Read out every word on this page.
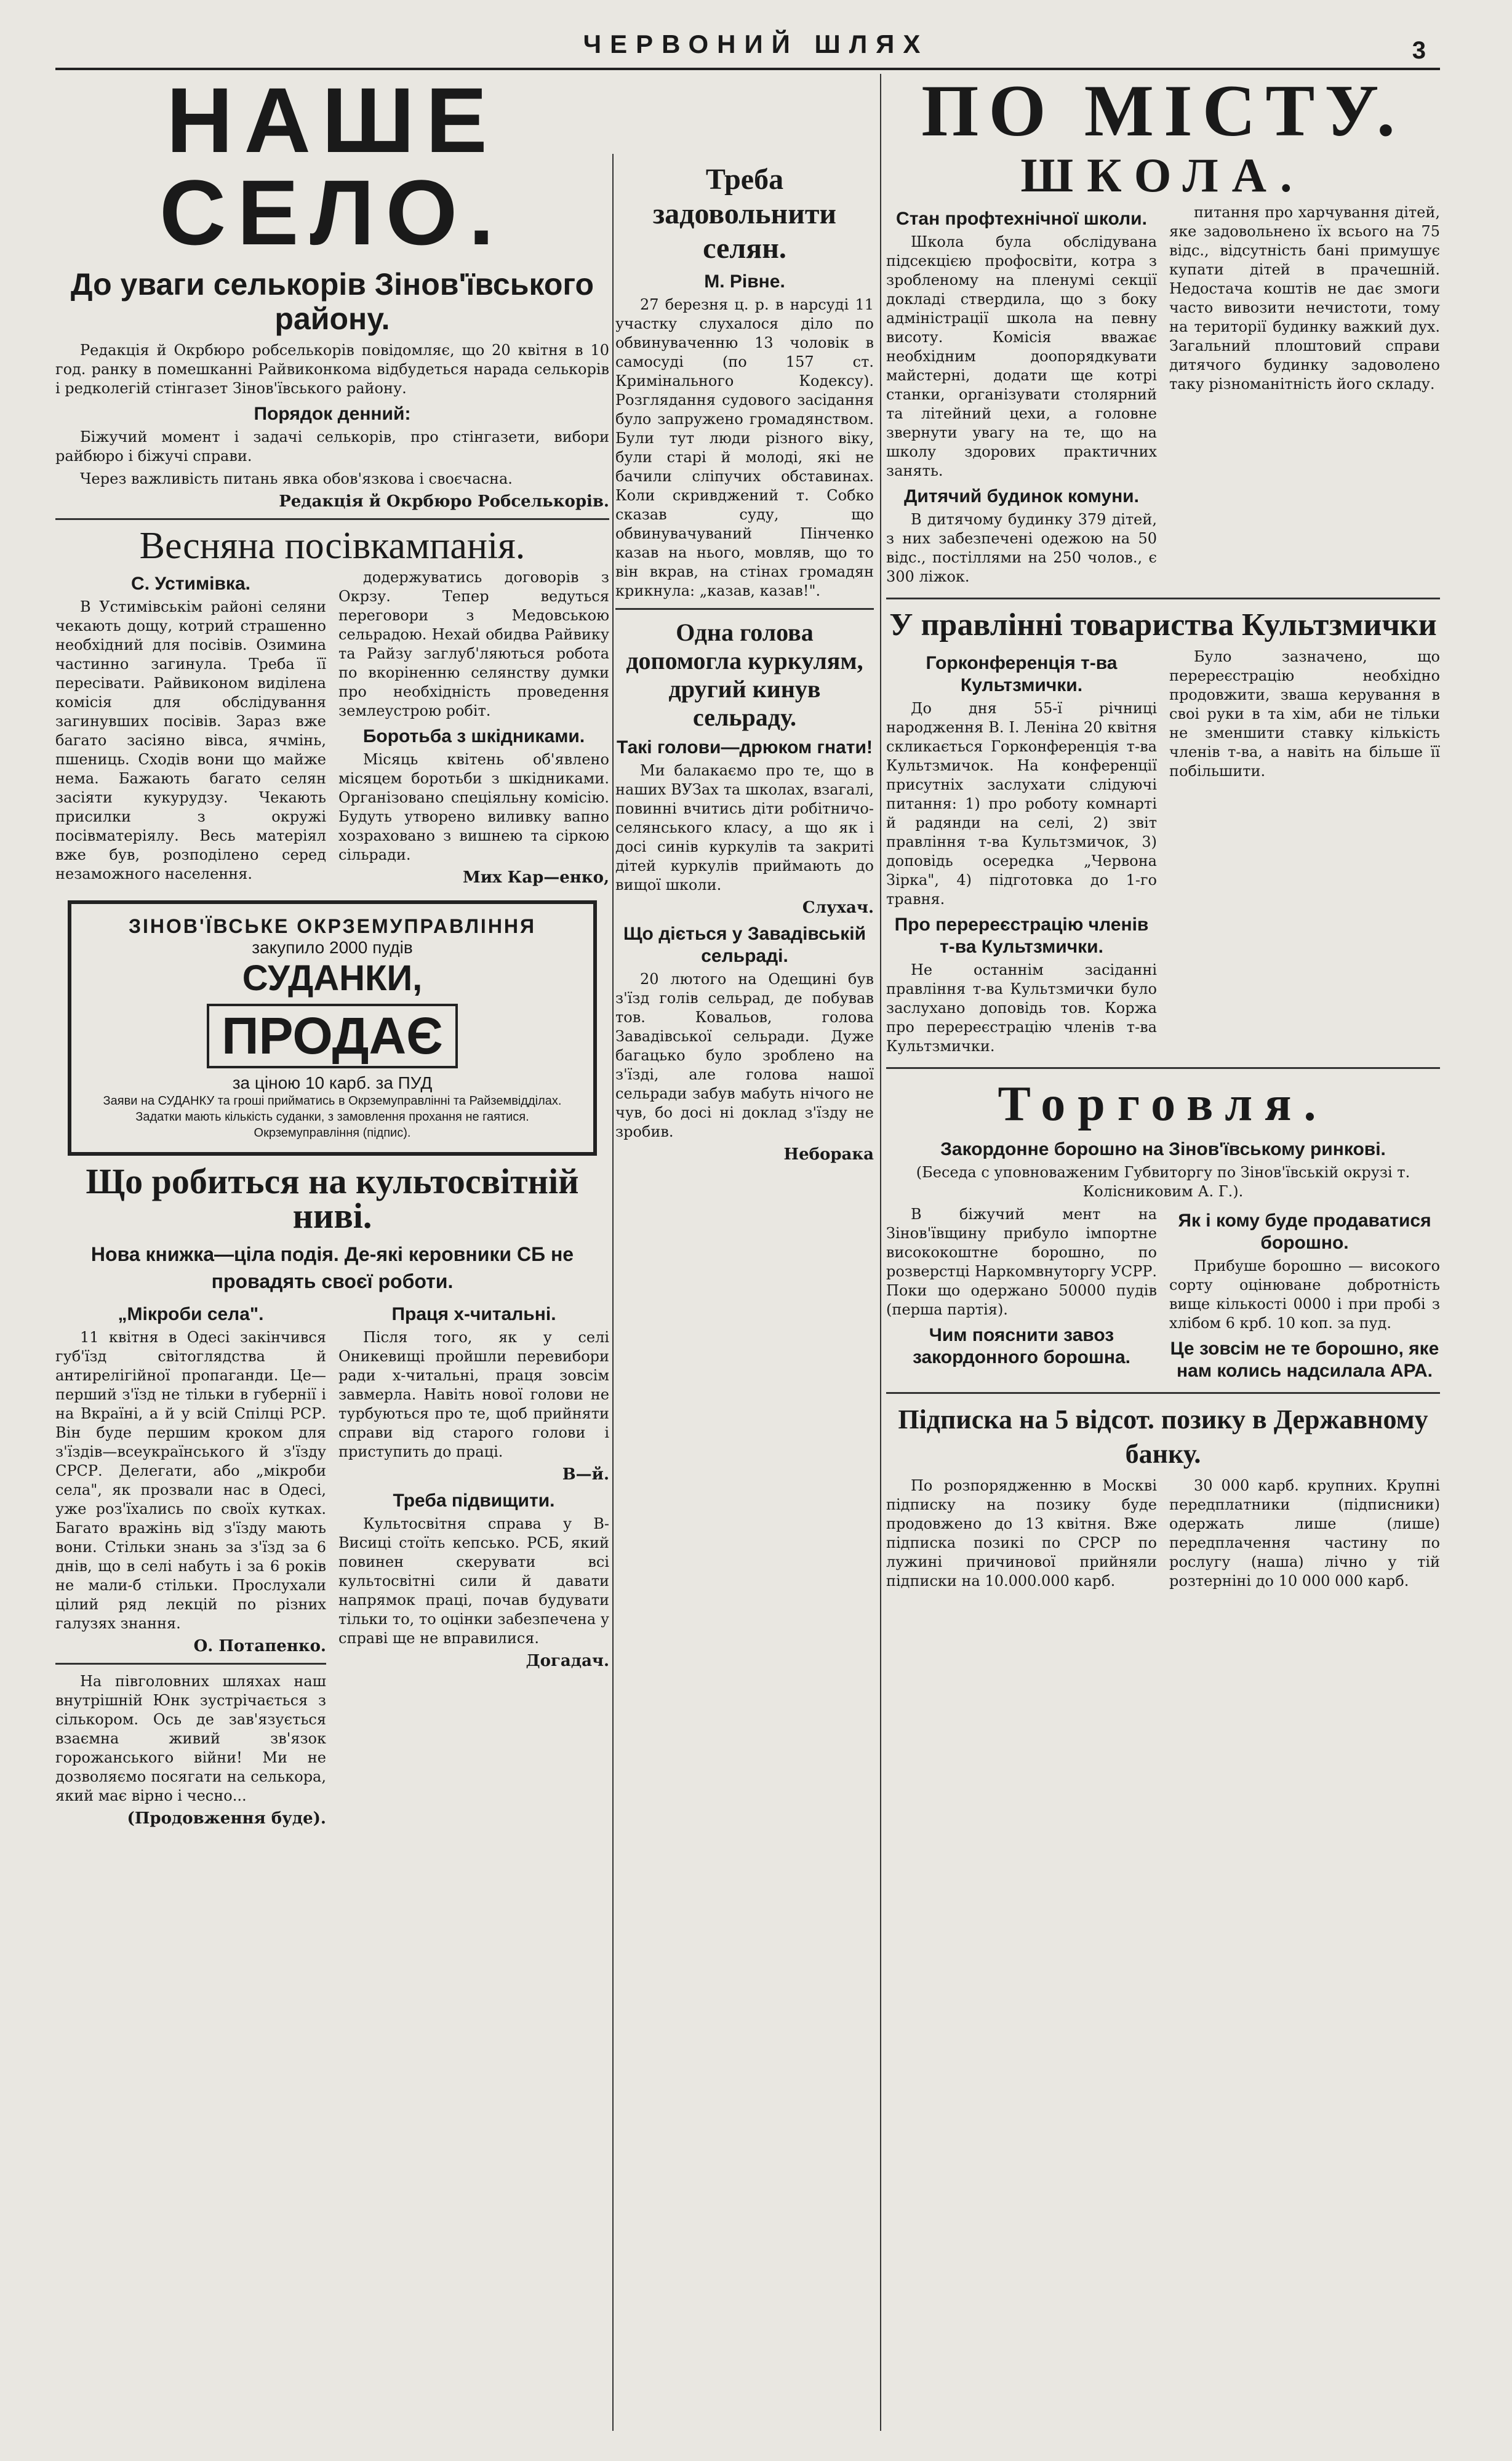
ЧЕРВОНИЙ ШЛЯХ	3
НАШЕ СЕЛО.
До уваги селькорів Зінов'ївського району.

Редакція й Окрбюро робселькорів повідомляє, що 20 квітня в 10 год. ранку в помешканні Райвиконкома відбудеться нарада селькорів і редколегій стінгазет Зінов'ївського району.

Порядок денний:

Біжучий момент і задачі селькорів, про стінгазети, вибори райбюро і біжучі справи.

Через важливість питань явка обов'язкова і своєчасна.

Редакція й Окрбюро Робселькорів.
Весняна посівкампанія.
С. Устимівка.

В Устимівськім районі селяни чекають дощу, котрий страшенно необхідний для посівів. Озимина частинно загинула. Треба її пересівати. Райвиконом виділена комісія для обслідування загинувших посівів. Зараз вже багато засіяно вівса, ячмінь, пшениць. Сходів вони що майже нема. Бажають багато селян засіяти кукурудзу. Чекають присилки з окружі посівматеріялу. Весь матеріял вже був, розподілено серед незаможного населення.

додержуватись договорів з Окрзу. Тепер ведуться переговори з Медовською сельрадою. Нехай обидва Райвику та Райзу заглуб'ляються робота по вкоріненню селянству думки про необхідність проведення землеустрою робіт.

Боротьба з шкідниками.

Місяць квітень об'явлено місяцем боротьби з шкідниками. Організовано спеціяльну комісію. Будуть утворено виливку вапно хозраховано з вишнею та сіркою сільради.

Мих Кар—енко,
ЗІНОВ'ЇВСЬКЕ ОКРЗЕМУПРАВЛІННЯ
закупило 2000 пудів
СУДАНКИ,
ПРОДАЄ
за ціною 10 карб. за ПУД
Заяви на СУДАНКУ та гроші прийматись в Окрземуправлінні та Райземвідділах. Задатки мають кількість суданки, з замовлення прохання не гаятися.
Окрземуправління (підпис).
Що робиться на культосвітній ниві.
Нова книжка—ціла подія. Де-які керовники СБ не провадять своєї роботи.
„Мікроби села".

11 квітня в Одесі закінчився губ'їзд світоглядства й антирелігійної пропаганди. Це—перший з'їзд не тільки в губернії і на Вкраїні, а й у всій Спілці РСР. Він буде першим кроком для з'їздів—всеукраїнського й з'їзду СРСР. Делегати, або „мікроби села", як прозвали нас в Одесі, уже роз'їхались по своїх кутках. Багато вражінь від з'їзду мають вони. Стільки знань за з'їзд за 6 днів, що в селі набуть і за 6 років не мали-б стільки. Прослухали цілий ряд лекцій по різних галузях знання.

О. Потапенко.

На півголовних шляхах наш внутрішній Юнк зустрічається з сількором. Ось де зав'язується взаємна живий зв'язок горожанського війни! Ми не дозволяємо посягати на селькора, який має вірно і чесно...

(Продовження буде).
Праця х-читальні.

Після того, як у селі Оникевищі пройшли перевибори ради х-читальні, праця зовсім завмерла. Навіть нової голови не турбуються про те, щоб прийняти справи від старого голови і приступить до праці.

В—й.
Треба підвищити.

Культосвітня справа у В-Висиці стоїть кепсько. РСБ, який повинен скерувати всі культосвітні сили й давати напрямок праці, почав будувати тільки то, то оцінки забезпечена у справі ще не вправилися.

Догадач.
Треба задовольнити селян.
М. Рівне.

27 березня ц. р. в нарсуді 11 участку слухалося діло по обвинуваченню 13 чоловік в самосуді (по 157 ст. Кримінального Кодексу). Розглядання судового засідання було запружено громадянством. Були тут люди різного віку, були старі й молоді, які не бачили сліпучих обставинах. Коли скривджений т. Собко сказав суду, що обвинувачуваний Пінченко казав на нього, мовляв, що то він вкрав, на стінах громадян крикнула: „казав, казав!".

Одна голова допомогла куркулям, другий кинув сельраду.
Такі голови—дрюком гнати!

Ми балакаємо про те, що в наших ВУЗах та школах, взагалі, повинні вчитись діти робітничо-селянського класу, а що як і досі синів куркулів та закриті дітей куркулів приймають до вищої школи.

Слухач.
Що діється у Завадівській сельраді.

20 лютого на Одещині був з'їзд голів сельрад, де побував тов. Ковальов, голова Завадівської сельради. Дуже багацько було зроблено на з'їзді, але голова нашої сельради забув мабуть нічого не чув, бо досі ні доклад з'їзду не зробив.

Неборака
ПО МІСТУ.
ШКОЛА.
Стан профтехнічної школи.

Школа була обслідувана підсекцією профосвіти, котра з зробленому на пленумі секції докладі ствердила, що з боку адміністрації школа на певну висоту. Комісія вважає необхідним доопорядкувати майстерні, додати ще котрі станки, організувати столярний та літейний цехи, а головне звернути увагу на те, що на школу здорових практичних занять.

Дитячий будинок комуни.

В дитячому будинку 379 дітей, з них забезпечені одежою на 50 відс., постіллями на 250 чолов., є 300 ліжок.

питання про харчування дітей, яке задовольнено їх всього на 75 відс., відсутність бані примушує купати дітей в прачешній. Недостача коштів не дає змоги часто вивозити нечистоти, тому на території будинку важкий дух. Загальний плоштовий справи дитячого будинку задоволено таку різноманітність його складу.

У правлінні товариства Культзмички
Горконференція т-ва Культзмички.

До дня 55-ї річниці народження В. І. Леніна 20 квітня скликається Горконференція т-ва Культзмичок. На конференції присутніх заслухати слідуючі питання: 1) про роботу комнарті й радянди на селі, 2) звіт правління т-ва Культзмичок, 3) доповідь осередка „Червона Зірка", 4) підготовка до 1-го травня.

Про перереєстрацію членів т-ва Культзмички.

Не останнім засіданні правління т-ва Культзмички було заслухано доповідь тов. Коржа про перереєстрацію членів т-ва Культзмички.

Було зазначено, що перереєстрацію необхідно продовжити, зваша керування в своі руки в та хім, аби не тільки не зменшити ставку кількість членів т-ва, а навіть на більше її побільшити.

Торговля.
Закордонне борошно на Зінов'ївському ринкові.

(Беседа с уповноваженим Губвиторгу по Зінов'ївській окрузі т. Колісниковим А. Г.).

В біжучий мент на Зінов'ївщину прибуло імпортне висококоштне борошно, по розверстці Наркомвнуторгу УСРР. Поки що одержано 50000 пудів (перша партія).

Чим пояснити завоз закордонного борошна.
Як і кому буде продаватися борошно.

Прибуше борошно — високого сорту оцінюване добротність вище кількості 0000 і при пробі з хлібом 6 крб. 10 коп. за пуд.

Це зовсім не те борошно, яке нам колись надсилала АРА.
Підписка на 5 відсот. позику в Державному банку.

По розпорядженню в Москві підписку на позику буде продовжено до 13 квітня. Вже підписка позикі по СРСР по лужині причинової прийняли підписки на 10.000.000 карб.

30 000 карб. крупних. Крупні передплатники (підписники) одержать лише (лише) передплачення частину по рослугу (наша) лічно у тій розтерніні до 10 000 000 карб.
